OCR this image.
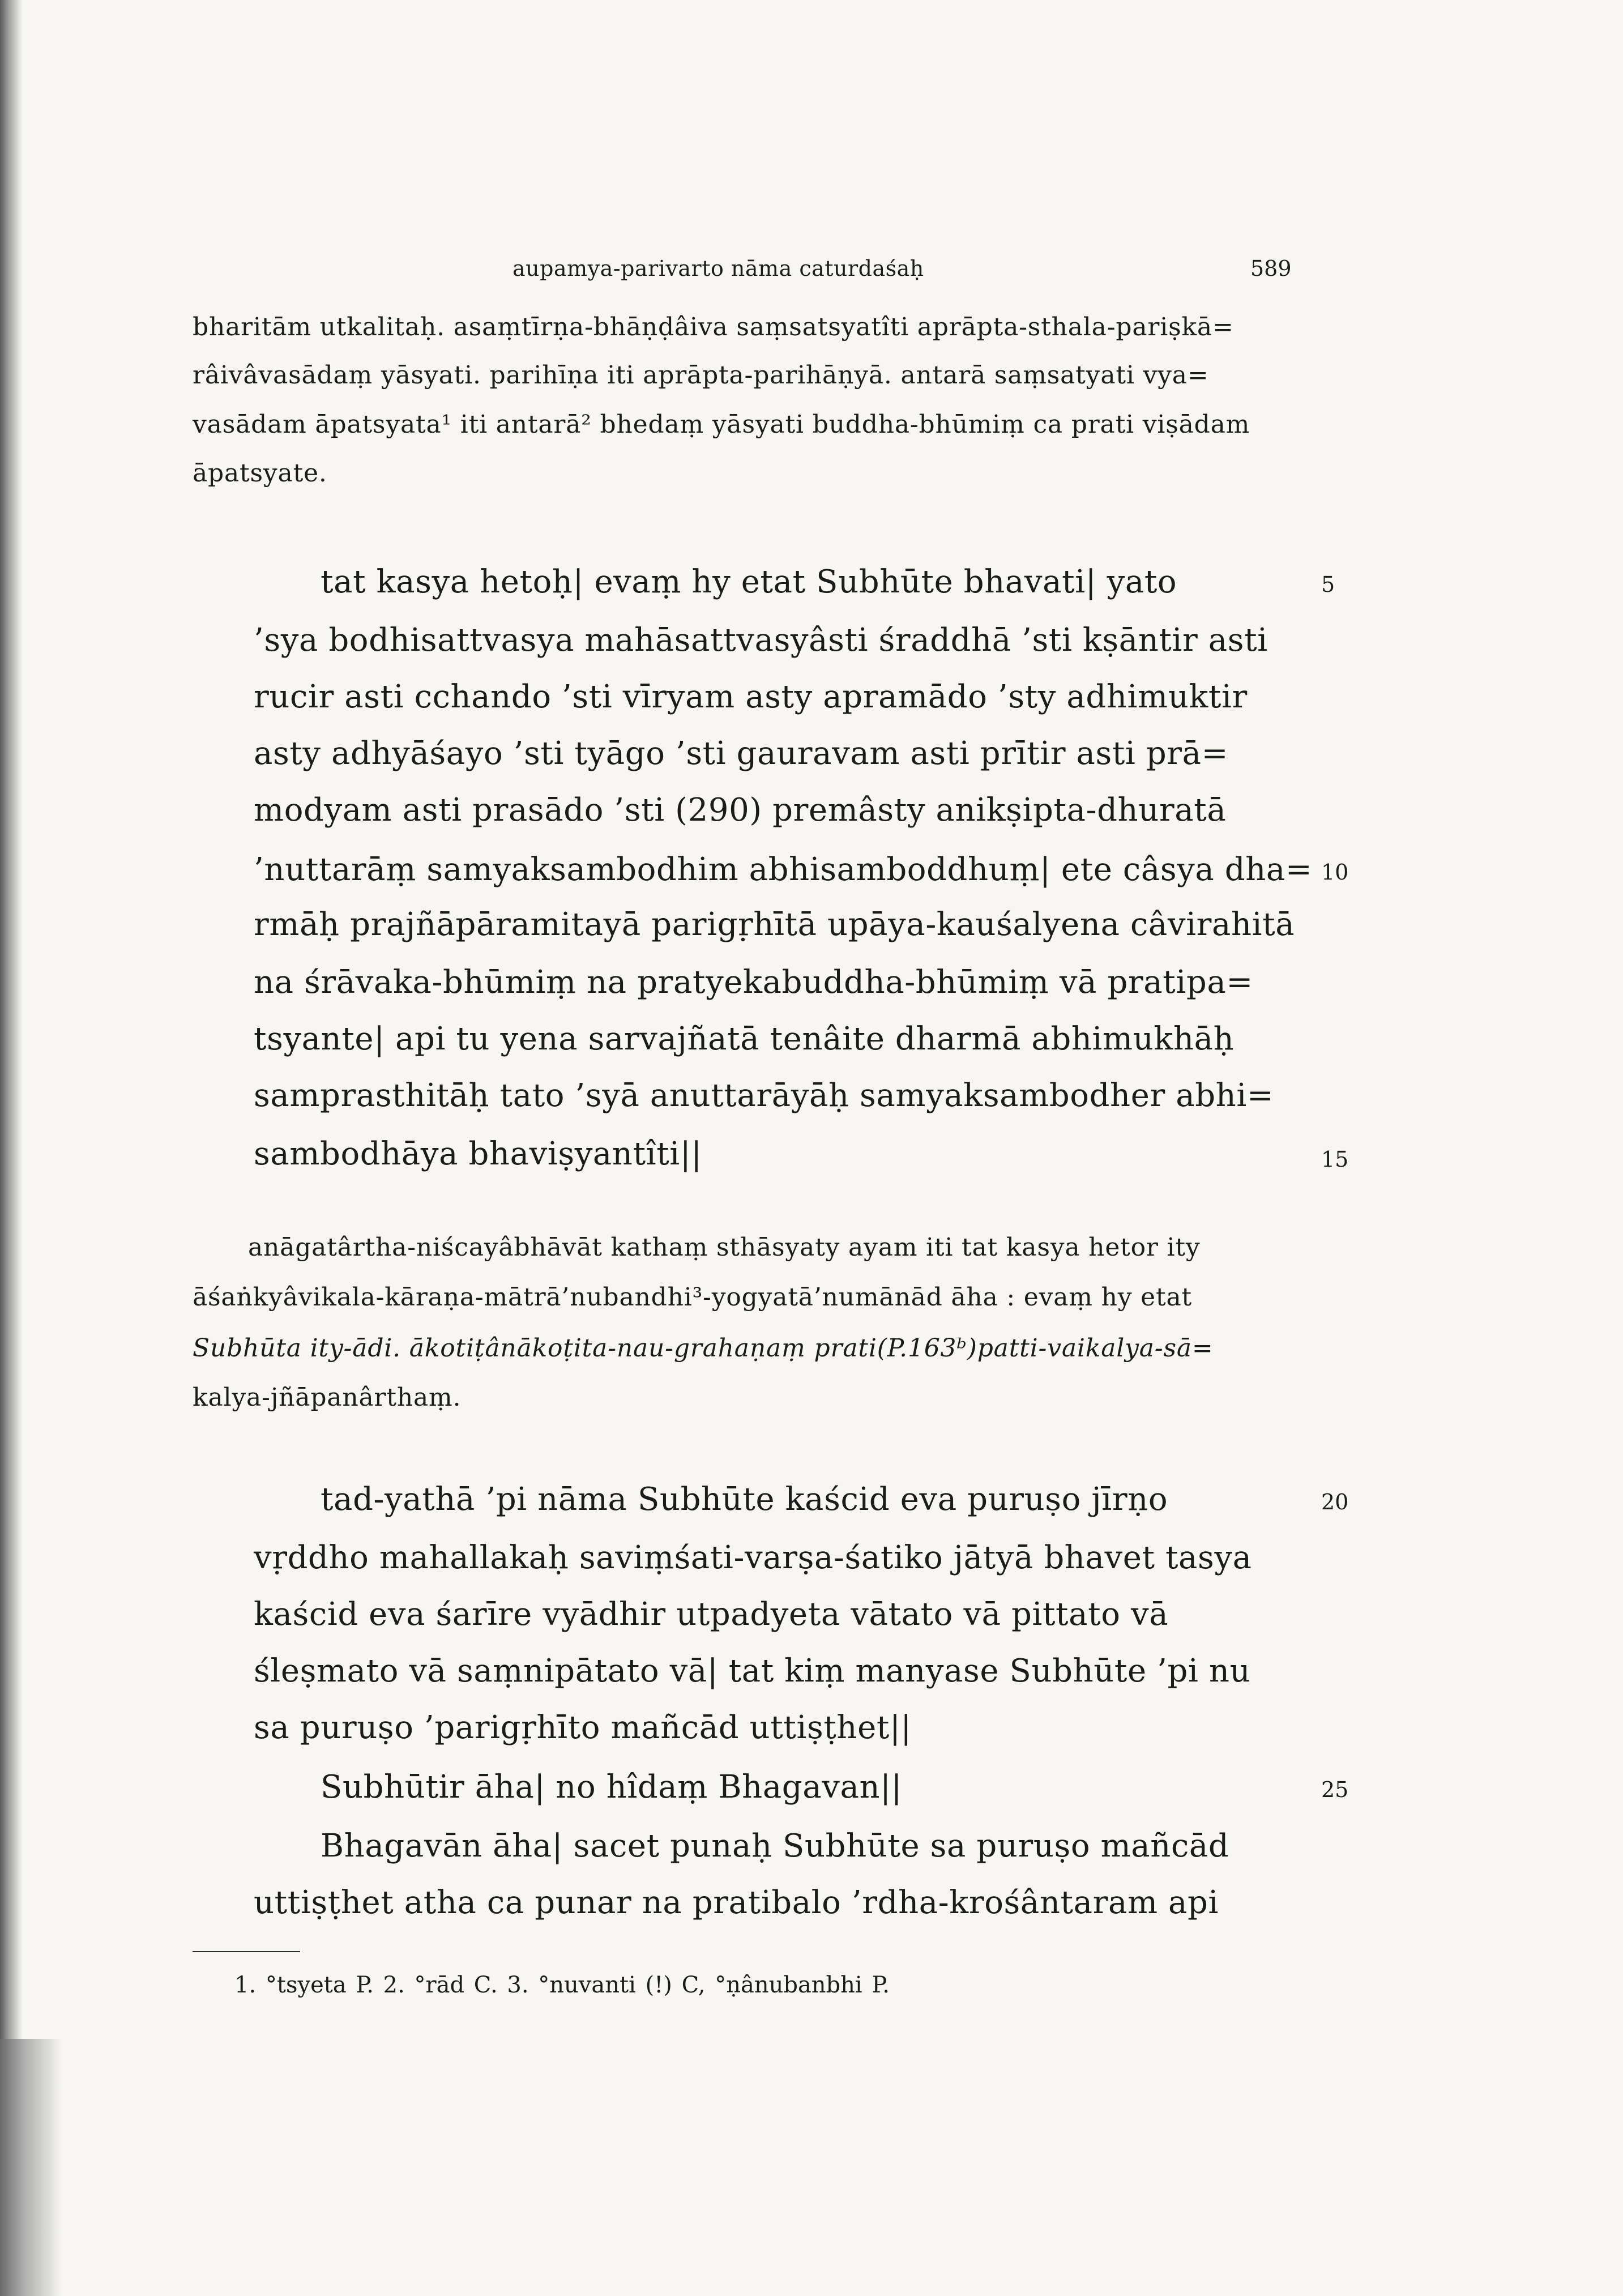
aupamya-parivarto nāma caturdaśaḥ	589
bharitām utkalitaḥ. asaṃtīrṇa-bhāṇḍâiva saṃsatsyatîti aprāpta-sthala-pariṣkā=
râivâvasādaṃ yāsyati. parihīṇa iti aprāpta-parihāṇyā. antarā saṃsatyati vya=
vasādam āpatsyata¹ iti antarā² bhedaṃ yāsyati buddha-bhūmiṃ ca prati viṣādam
āpatsyate.
tat kasya hetoḥ| evaṃ hy etat Subhūte bhavati| yato
’sya bodhisattvasya mahāsattvasyâsti śraddhā ’sti kṣāntir asti
rucir asti cchando ’sti vīryam asty apramādo ’sty adhimuktir
asty adhyāśayo ’sti tyāgo ’sti gauravam asti prītir asti prā=
modyam asti prasādo ’sti (290) premâsty anikṣipta-dhuratā
’nuttarāṃ samyaksambodhim abhisamboddhuṃ| ete câsya dha=
rmāḥ prajñāpāramitayā parigṛhītā upāya-kauśalyena câvirahitā
na śrāvaka-bhūmiṃ na pratyekabuddha-bhūmiṃ vā pratipa=
tsyante| api tu yena sarvajñatā tenâite dharmā abhimukhāḥ
samprasthitāḥ tato ’syā anuttarāyāḥ samyaksambodher abhi=
sambodhāya bhaviṣyantîti||
5
10
15
anāgatârtha-niścayâbhāvāt kathaṃ sthāsyaty ayam iti tat kasya hetor ity
āśaṅkyâvikala-kāraṇa-mātrā’nubandhi³-yogyatā’numānād āha : evaṃ hy etat
Subhūta ity-ādi. ākotiṭânākoṭita-nau-grahaṇaṃ prati(P.163ᵇ)patti-vaikalya-sā=
kalya-jñāpanârthaṃ.
tad-yathā ’pi nāma Subhūte kaścid eva puruṣo jīrṇo
vṛddho mahallakaḥ saviṃśati-varṣa-śatiko jātyā bhavet tasya
kaścid eva śarīre vyādhir utpadyeta vātato vā pittato vā
śleṣmato vā saṃnipātato vā| tat kiṃ manyase Subhūte ’pi nu
sa puruṣo ’parigṛhīto mañcād uttiṣṭhet||
Subhūtir āha| no hîdaṃ Bhagavan||
Bhagavān āha| sacet punaḥ Subhūte sa puruṣo mañcād
uttiṣṭhet atha ca punar na pratibalo ’rdha-krośântaram api
20
25
1. °tsyeta P. 2. °rād C. 3. °nuvanti (!) C, °ṇânubanbhi P.
